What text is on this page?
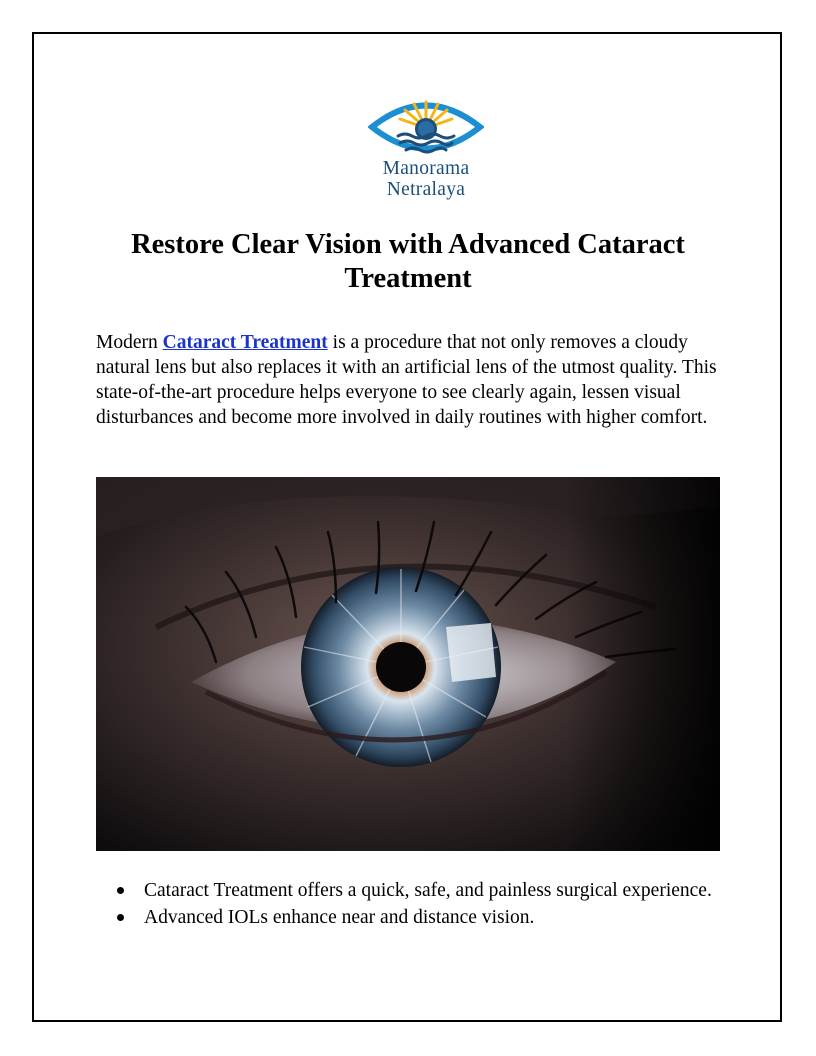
Manorama
Netralaya
Restore Clear Vision with Advanced Cataract Treatment

Modern Cataract Treatment is a procedure that not only removes a cloudy natural lens but also replaces it with an artificial lens of the utmost quality. This state-of-the-art procedure helps everyone to see clearly again, lessen visual disturbances and become more involved in daily routines with higher comfort.

Cataract Treatment offers a quick, safe, and painless surgical experience.
Advanced IOLs enhance near and distance vision.
